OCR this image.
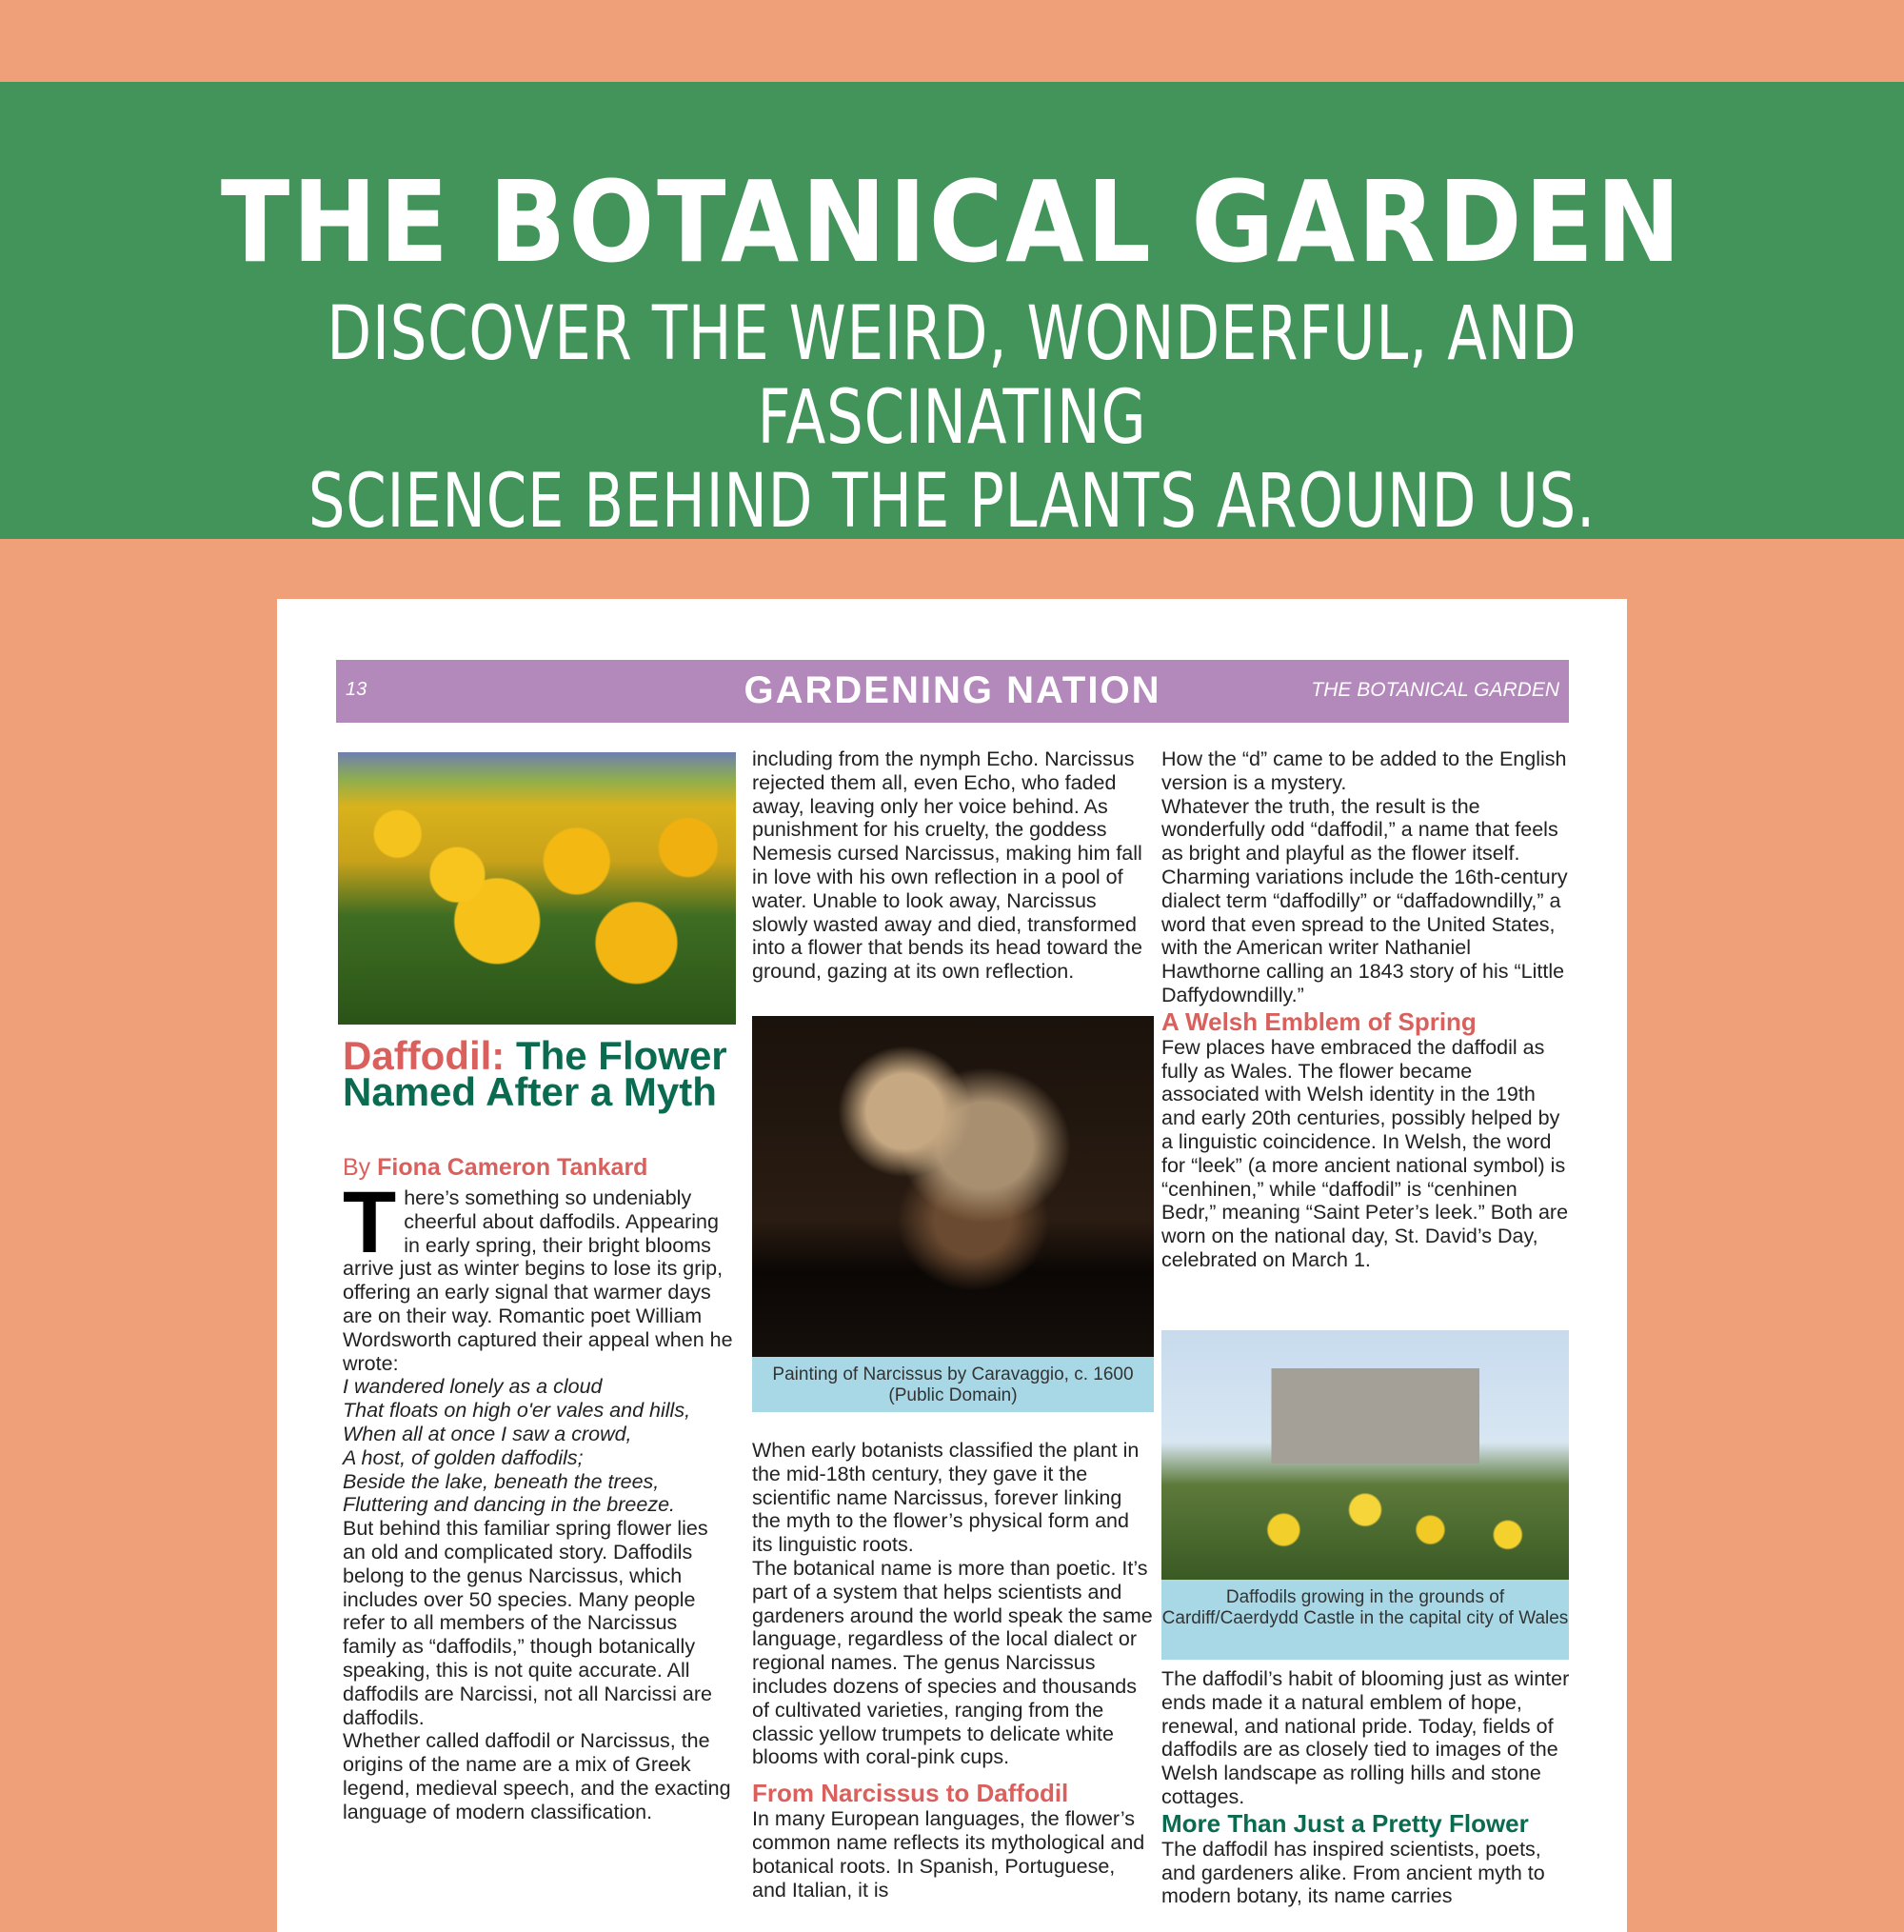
THE BOTANICAL GARDEN
DISCOVER THE WEIRD, WONDERFUL, AND FASCINATING
SCIENCE BEHIND THE PLANTS AROUND US.
13	GARDENING NATION	THE BOTANICAL GARDEN
Daffodil: The Flower Named After a Myth
By Fiona Cameron Tankard

There’s something so undeniably cheerful about daffodils. Appearing in early spring, their bright blooms arrive just as winter begins to lose its grip, offering an early signal that warmer days are on their way. Romantic poet William Wordsworth captured their appeal when he wrote:

I wandered lonely as a cloud
That floats on high o'er vales and hills,
When all at once I saw a crowd,
A host, of golden daffodils;
Beside the lake, beneath the trees,
Fluttering and dancing in the breeze.

But behind this familiar spring flower lies an old and complicated story. Daffodils belong to the genus Narcissus, which includes over 50 species. Many people refer to all members of the Narcissus family as “daffodils,” though botanically speaking, this is not quite accurate. All daffodils are Narcissi, not all Narcissi are daffodils.

Whether called daffodil or Narcissus, the origins of the name are a mix of Greek legend, medieval speech, and the exacting language of modern classification.

including from the nymph Echo. Narcissus rejected them all, even Echo, who faded away, leaving only her voice behind. As punishment for his cruelty, the goddess Nemesis cursed Narcissus, making him fall in love with his own reflection in a pool of water. Unable to look away, Narcissus slowly wasted away and died, transformed into a flower that bends its head toward the ground, gazing at its own reflection.

Painting of Narcissus by Caravaggio, c. 1600 (Public Domain)

When early botanists classified the plant in the mid-18th century, they gave it the scientific name Narcissus, forever linking the myth to the flower’s physical form and its linguistic roots.

The botanical name is more than poetic. It’s part of a system that helps scientists and gardeners around the world speak the same language, regardless of the local dialect or regional names. The genus Narcissus includes dozens of species and thousands of cultivated varieties, ranging from the classic yellow trumpets to delicate white blooms with coral-pink cups.

From Narcissus to Daffodil

In many European languages, the flower’s common name reflects its mythological and botanical roots. In Spanish, Portuguese, and Italian, it is

How the “d” came to be added to the English version is a mystery.

Whatever the truth, the result is the wonderfully odd “daffodil,” a name that feels as bright and playful as the flower itself. Charming variations include the 16th-century dialect term “daffodilly” or “daffadowndilly,” a word that even spread to the United States, with the American writer Nathaniel Hawthorne calling an 1843 story of his “Little Daffydowndilly.”

A Welsh Emblem of Spring

Few places have embraced the daffodil as fully as Wales. The flower became associated with Welsh identity in the 19th and early 20th centuries, possibly helped by a linguistic coincidence. In Welsh, the word for “leek” (a more ancient national symbol) is “cenhinen,” while “daffodil” is “cenhinen Bedr,” meaning “Saint Peter’s leek.” Both are worn on the national day, St. David’s Day, celebrated on March 1.

Daffodils growing in the grounds of Cardiff/Caerdydd Castle in the capital city of Wales

The daffodil’s habit of blooming just as winter ends made it a natural emblem of hope, renewal, and national pride. Today, fields of daffodils are as closely tied to images of the Welsh landscape as rolling hills and stone cottages.

More Than Just a Pretty Flower

The daffodil has inspired scientists, poets, and gardeners alike. From ancient myth to modern botany, its name carries
